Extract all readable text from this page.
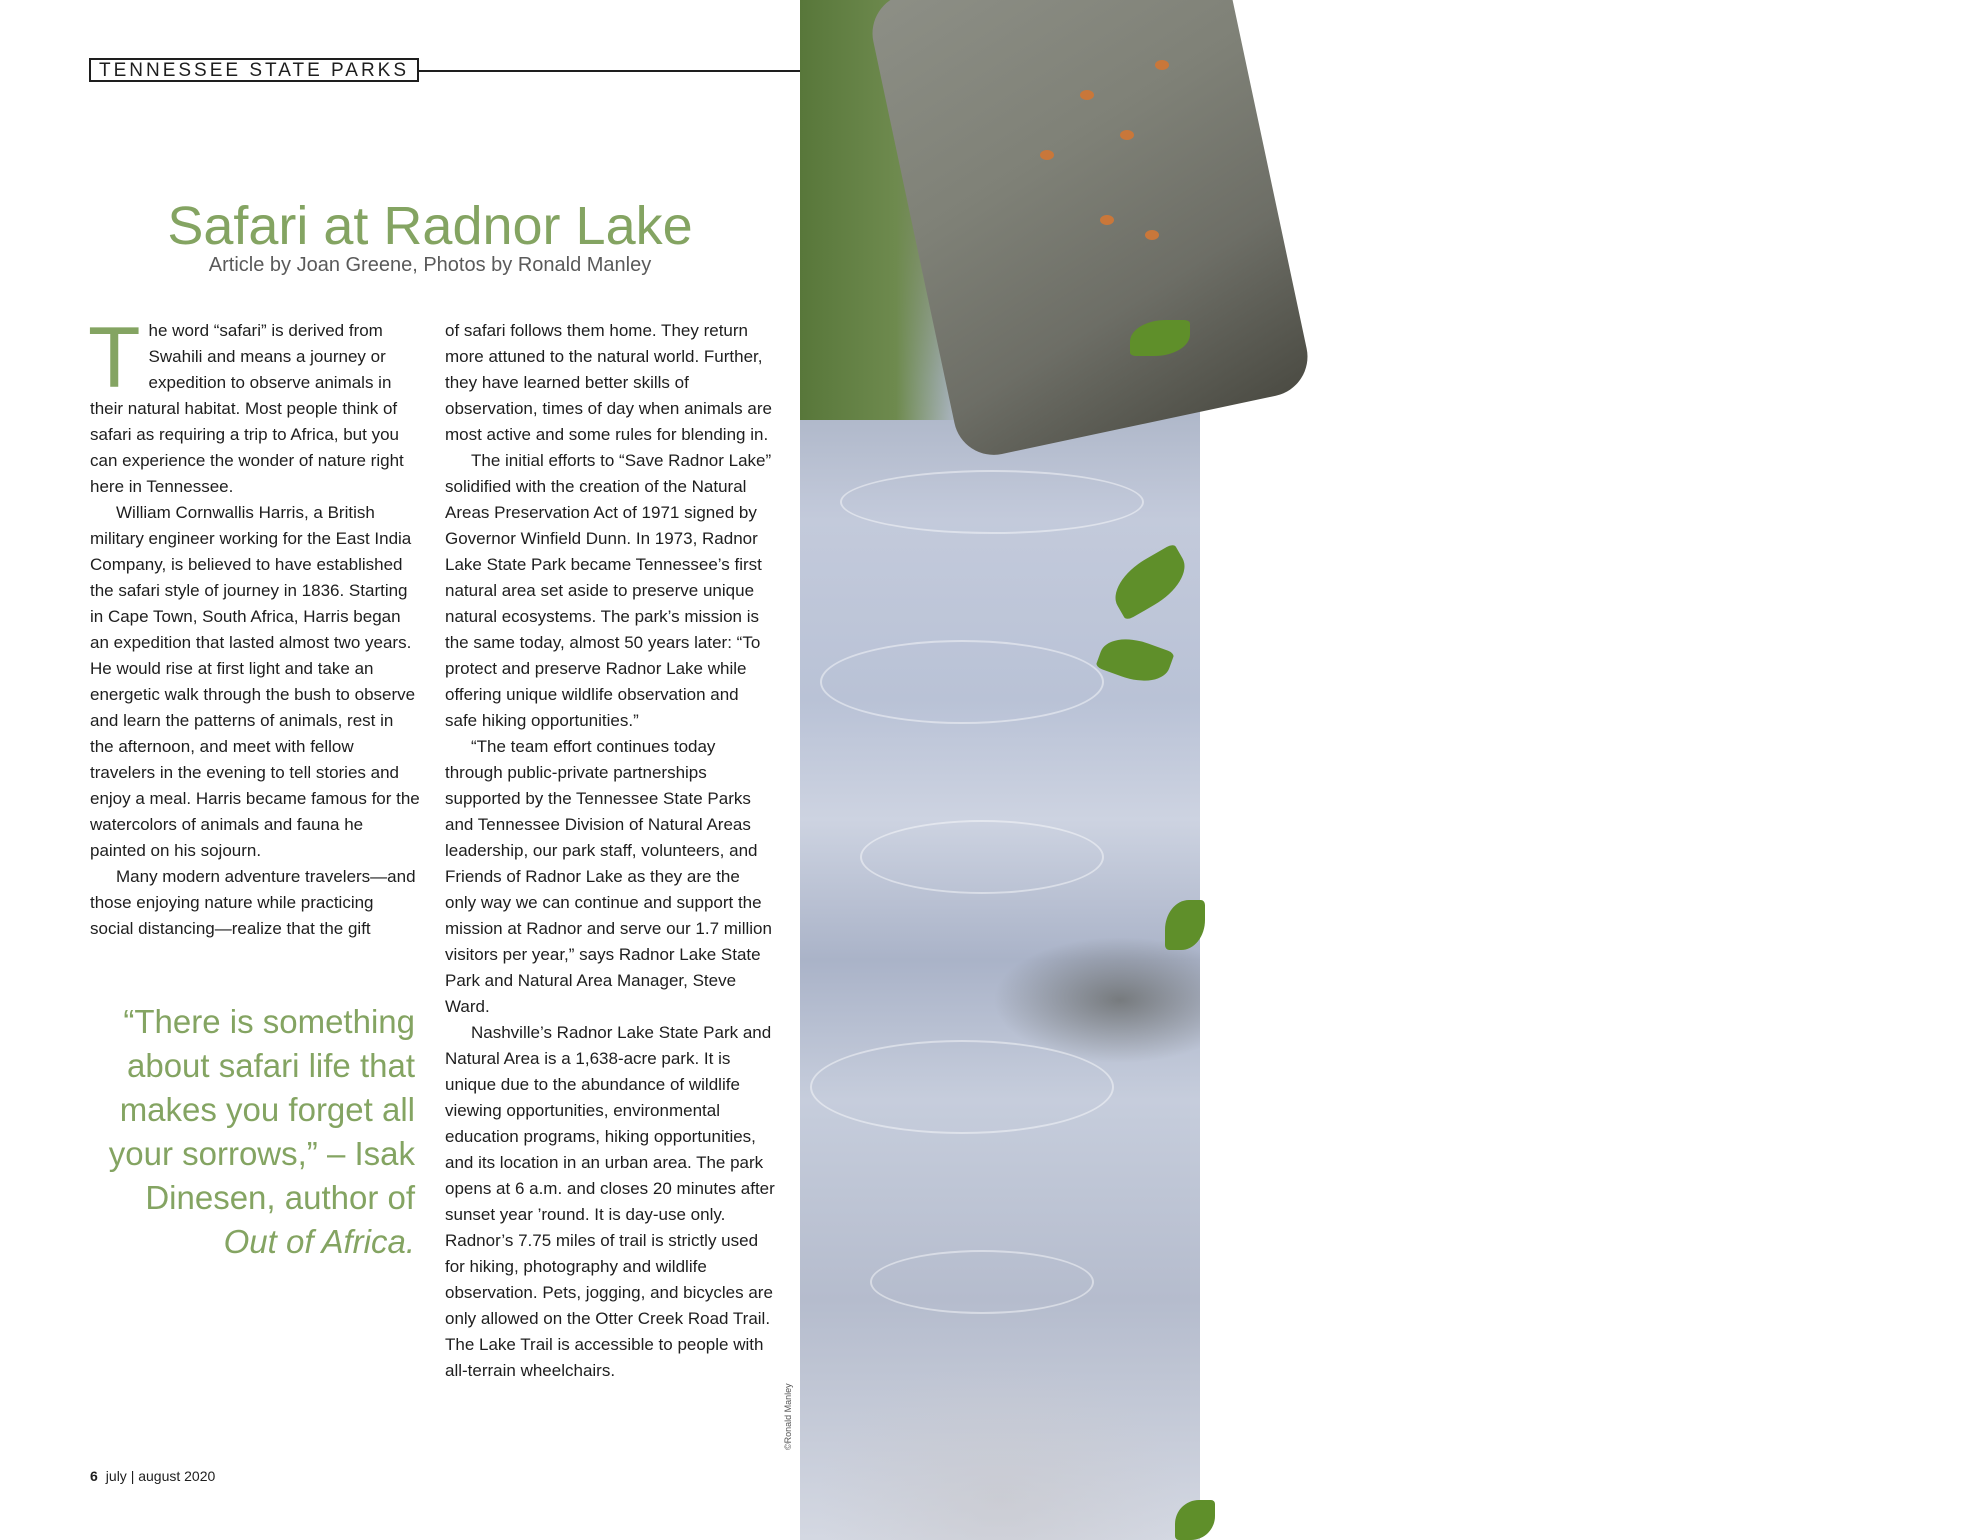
TENNESSEE STATE PARKS
Safari at Radnor Lake
Article by Joan Greene, Photos by Ronald Manley

The word “safari” is derived from Swahili and means a journey or expedition to observe animals in their natural habitat. Most people think of safari as requiring a trip to Africa, but you can experience the wonder of nature right here in Tennessee.

William Cornwallis Harris, a British military engineer working for the East India Company, is believed to have established the safari style of journey in 1836. Starting in Cape Town, South Africa, Harris began an expedition that lasted almost two years. He would rise at first light and take an energetic walk through the bush to observe and learn the patterns of animals, rest in the afternoon, and meet with fellow travelers in the evening to tell stories and enjoy a meal. Harris became famous for the watercolors of animals and fauna he painted on his sojourn.

Many modern adventure travelers—and those enjoying nature while practicing social distancing—realize that the gift

“There is something about safari life that makes you forget all your sorrows,” – Isak Dinesen, author of
Out of Africa.

of safari follows them home. They return more attuned to the natural world. Further, they have learned better skills of observation, times of day when animals are most active and some rules for blending in.

The initial efforts to “Save Radnor Lake” solidified with the creation of the Natural Areas Preservation Act of 1971 signed by Governor Winfield Dunn. In 1973, Radnor Lake State Park became Tennessee’s first natural area set aside to preserve unique natural ecosystems. The park’s mission is the same today, almost 50 years later: “To protect and preserve Radnor Lake while offering unique wildlife observation and safe hiking opportunities.”

“The team effort continues today through public-private partnerships supported by the Tennessee State Parks and Tennessee Division of Natural Areas leadership, our park staff, volunteers, and Friends of Radnor Lake as they are the only way we can continue and support the mission at Radnor and serve our 1.7 million visitors per year,” says Radnor Lake State Park and Natural Area Manager, Steve Ward.

Nashville’s Radnor Lake State Park and Natural Area is a 1,638-acre park. It is unique due to the abundance of wildlife viewing opportunities, environmental education programs, hiking opportunities, and its location in an urban area. The park opens at 6 a.m. and closes 20 minutes after sunset year ’round. It is day-use only. Radnor’s 7.75 miles of trail is strictly used for hiking, photography and wildlife observation. Pets, jogging, and bicycles are only allowed on the Otter Creek Road Trail. The Lake Trail is accessible to people with all-terrain wheelchairs.

River Otters made their way back into Radnor Lake in 1998 and continue to be a favorite of visitors.
©Ronald Manley
6 july | august 2020
